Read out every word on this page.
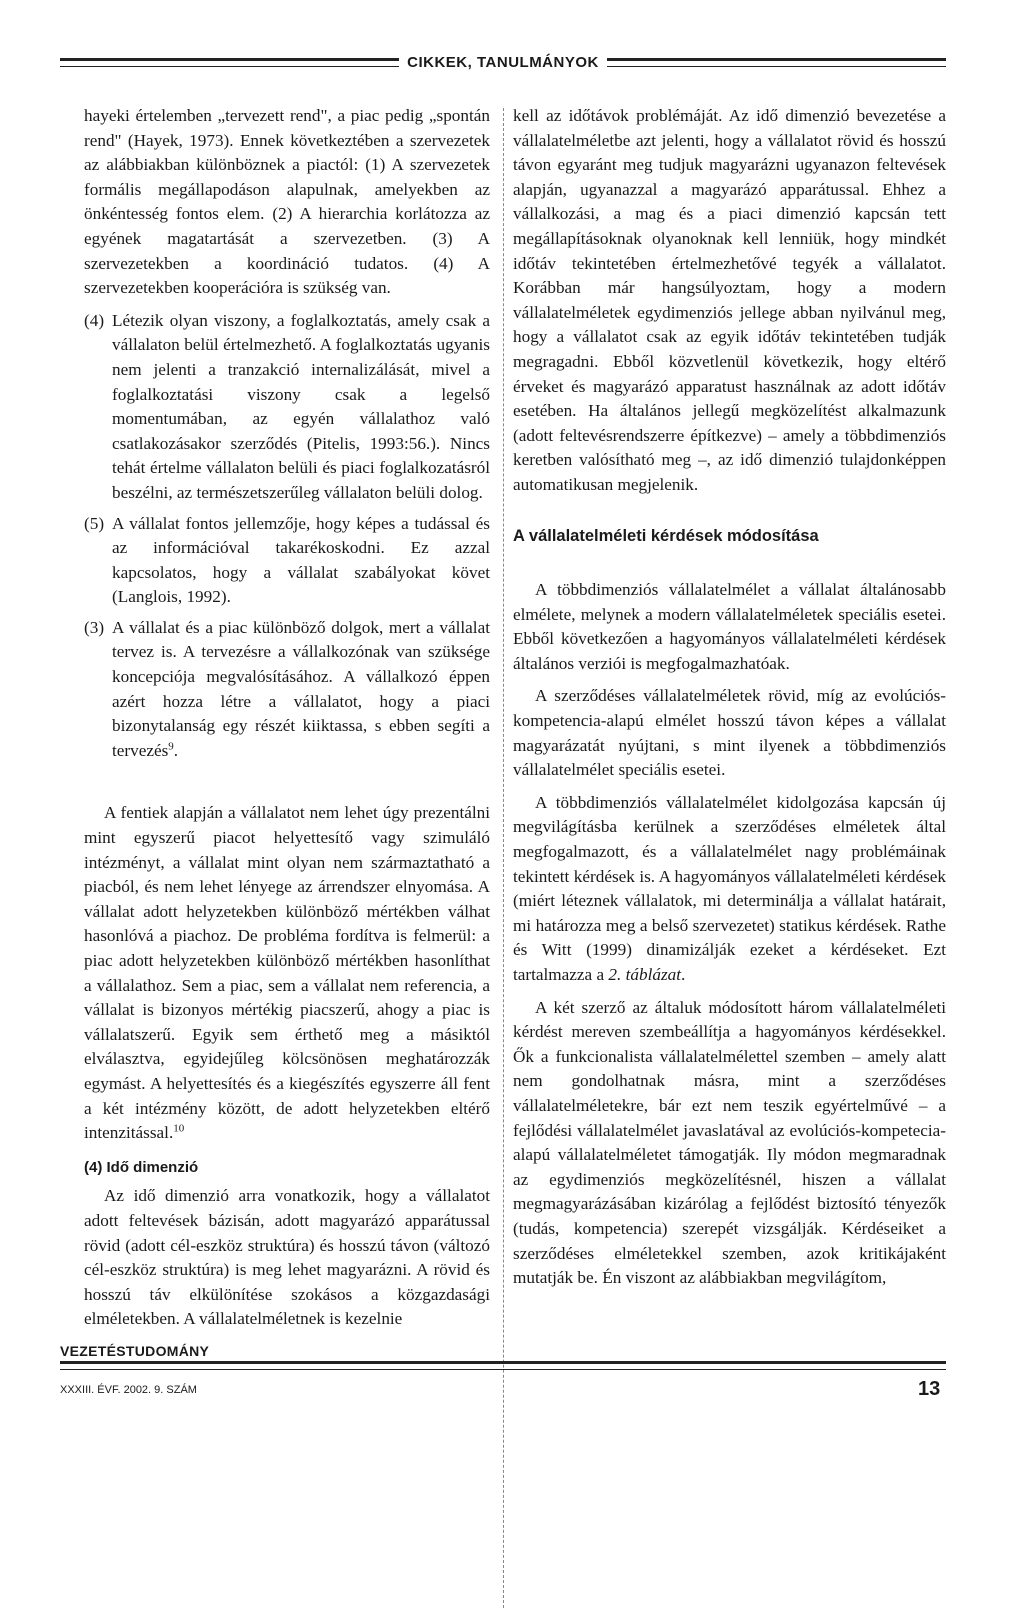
CIKKEK, TANULMÁNYOK

hayeki értelemben „tervezett rend", a piac pedig „spontán rend" (Hayek, 1973). Ennek következtében a szervezetek az alábbiakban különböznek a piactól: (1) A szervezetek formális megállapodáson alapulnak, amelyekben az önkéntesség fontos elem. (2) A hierarchia korlátozza az egyének magatartását a szervezetben. (3) A szervezetekben a koordináció tudatos. (4) A szervezetekben kooperációra is szükség van.

(4) Létezik olyan viszony, a foglalkoztatás, amely csak a vállalaton belül értelmezhető. A foglalkoztatás ugyanis nem jelenti a tranzakció internalizálását, mivel a foglalkoztatási viszony csak a legelső momentumában, az egyén vállalathoz való csatlakozásakor szerződés (Pitelis, 1993:56.). Nincs tehát értelme vállalaton belüli és piaci foglalkozatásról beszélni, az természetszerűleg vállalaton belüli dolog.
(5) A vállalat fontos jellemzője, hogy képes a tudással és az információval takarékoskodni. Ez azzal kapcsolatos, hogy a vállalat szabályokat követ (Langlois, 1992).
(3) A vállalat és a piac különböző dolgok, mert a vállalat tervez is. A tervezésre a vállalkozónak van szüksége koncepciója megvalósításához. A vállalkozó éppen azért hozza létre a vállalatot, hogy a piaci bizonytalanság egy részét kiiktassa, s ebben segíti a tervezés$^9$.

A fentiek alapján a vállalatot nem lehet úgy prezentálni mint egyszerű piacot helyettesítő vagy szimuláló intézményt, a vállalat mint olyan nem származtatható a piacból, és nem lehet lényege az árrendszer elnyomása. A vállalat adott helyzetekben különböző mértékben válhat hasonlóvá a piachoz. De probléma fordítva is felmerül: a piac adott helyzetekben különböző mértékben hasonlíthat a vállalathoz. Sem a piac, sem a vállalat nem referencia, a vállalat is bizonyos mértékig piacszerű, ahogy a piac is vállalatszerű. Egyik sem érthető meg a másiktól elválasztva, egyidejűleg kölcsönösen meghatározzák egymást. A helyettesítés és a kiegészítés egyszerre áll fent a két intézmény között, de adott helyzetekben eltérő intenzitással.$^{10}$

(4) Idő dimenzió

Az idő dimenzió arra vonatkozik, hogy a vállalatot adott feltevések bázisán, adott magyarázó apparátussal rövid (adott cél-eszköz struktúra) és hosszú távon (változó cél-eszköz struktúra) is meg lehet magyarázni. A rövid és hosszú táv elkülönítése szokásos a közgazdasági elméletekben. A vállalatelméletnek is kezelnie

kell az időtávok problémáját. Az idő dimenzió bevezetése a vállalatelméletbe azt jelenti, hogy a vállalatot rövid és hosszú távon egyaránt meg tudjuk magyarázni ugyanazon feltevések alapján, ugyanazzal a magyarázó apparátussal. Ehhez a vállalkozási, a mag és a piaci dimenzió kapcsán tett megállapításoknak olyanoknak kell lenniük, hogy mindkét időtáv tekintetében értelmezhetővé tegyék a vállalatot. Korábban már hangsúlyoztam, hogy a modern vállalatelméletek egydimenziós jellege abban nyilvánul meg, hogy a vállalatot csak az egyik időtáv tekintetében tudják megragadni. Ebből közvetlenül következik, hogy eltérő érveket és magyarázó apparatust használnak az adott időtáv esetében. Ha általános jellegű megközelítést alkalmazunk (adott feltevésrendszerre építkezve) – amely a többdimenziós keretben valósítható meg –, az idő dimenzió tulajdonképpen automatikusan megjelenik.

A vállalatelméleti kérdések módosítása

A többdimenziós vállalatelmélet a vállalat általánosabb elmélete, melynek a modern vállalatelméletek speciális esetei. Ebből következően a hagyományos vállalatelméleti kérdések általános verziói is megfogalmazhatóak.

A szerződéses vállalatelméletek rövid, míg az evolúciós-kompetencia-alapú elmélet hosszú távon képes a vállalat magyarázatát nyújtani, s mint ilyenek a többdimenziós vállalatelmélet speciális esetei.

A többdimenziós vállalatelmélet kidolgozása kapcsán új megvilágításba kerülnek a szerződéses elméletek által megfogalmazott, és a vállalatelmélet nagy problémáinak tekintett kérdések is. A hagyományos vállalatelméleti kérdések (miért léteznek vállalatok, mi determinálja a vállalat határait, mi határozza meg a belső szervezetet) statikus kérdések. Rathe és Witt (1999) dinamizálják ezeket a kérdéseket. Ezt tartalmazza a 2. táblázat.

A két szerző az általuk módosított három vállalatelméleti kérdést mereven szembeállítja a hagyományos kérdésekkel. Ők a funkcionalista vállalatelmélettel szemben – amely alatt nem gondolhatnak másra, mint a szerződéses vállalatelméletekre, bár ezt nem teszik egyértelművé – a fejlődési vállalatelmélet javaslatával az evolúciós-kompetecia-alapú vállalatelméletet támogatják. Ily módon megmaradnak az egydimenziós megközelítésnél, hiszen a vállalat megmagyarázásában kizárólag a fejlődést biztosító tényezők (tudás, kompetencia) szerepét vizsgálják. Kérdéseiket a szerződéses elméletekkel szemben, azok kritikájaként mutatják be. Én viszont az alábbiakban megvilágítom,

VEZETÉSTUDOMÁNY
XXXIII. ÉVF. 2002. 9. SZÁM	13
